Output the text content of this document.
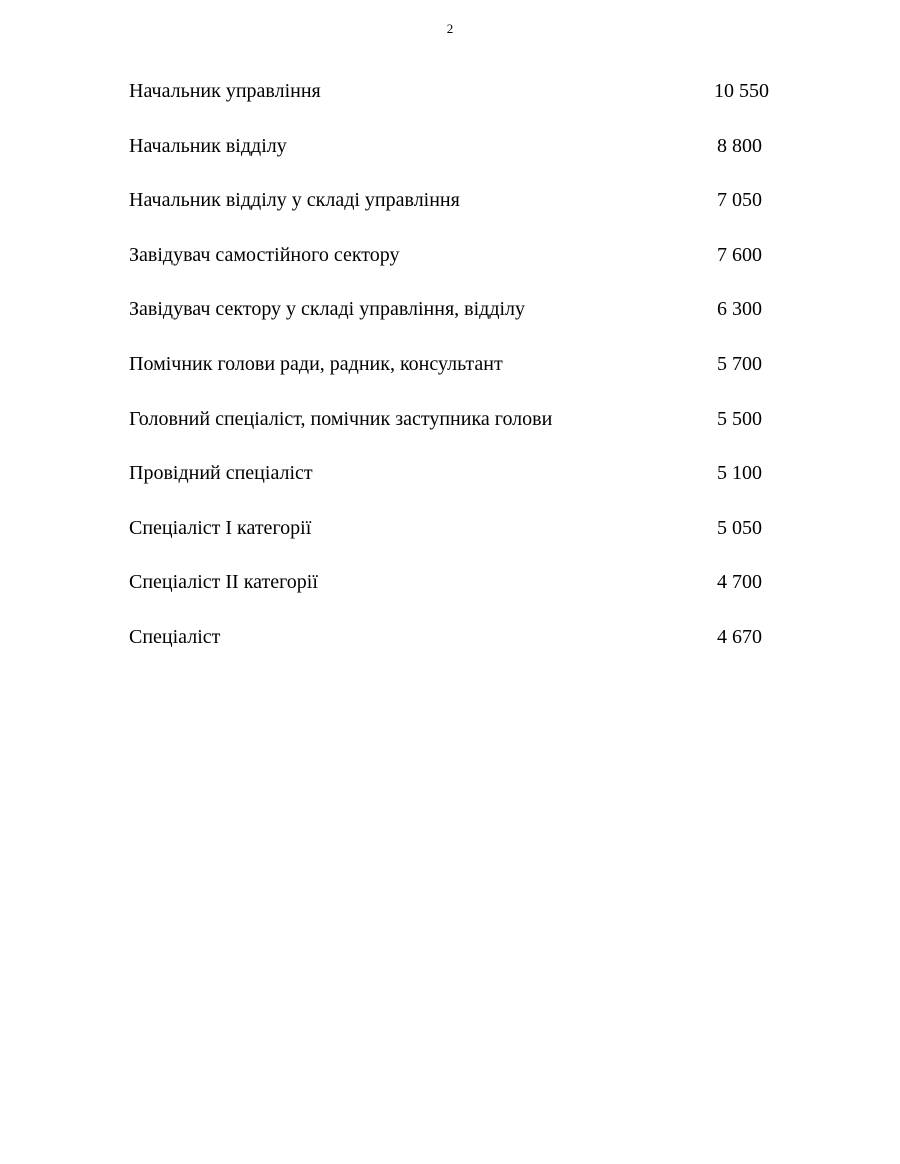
2
Начальник управління	10 550
Начальник відділу	8 800
Начальник відділу у складі управління	7 050
Завідувач самостійного сектору	7 600
Завідувач сектору у складі управління, відділу	6 300
Помічник голови ради, радник, консультант	5 700
Головний спеціаліст, помічник заступника голови	5 500
Провідний спеціаліст	5 100
Спеціаліст I категорії	5 050
Спеціаліст II категорії	4 700
Спеціаліст	4 670
